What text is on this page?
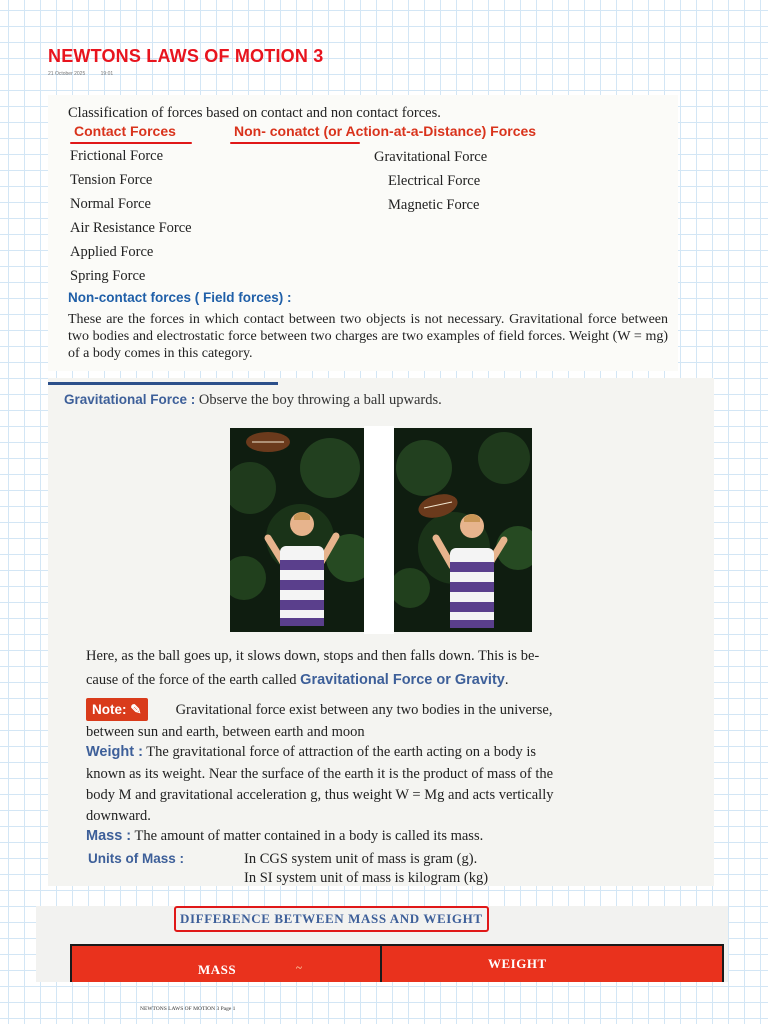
NEWTONS LAWS OF MOTION 3
21 October 2025	19:01
Classification of forces based on contact and non contact forces.
Contact Forces	Non- conatct (or Action-at-a-Distance) Forces
Frictional Force
Tension Force
Normal Force
Air Resistance Force
Applied Force
Spring Force
Gravitational Force
Electrical Force
Magnetic Force
Non-contact forces ( Field forces) :

These are the forces in which contact between two objects is not necessary. Gravitational force between two bodies and electrostatic force between two charges are two examples of field forces. Weight (W = mg) of a body comes in this category.

Gravitational Force : Observe the boy throwing a ball upwards.

Here, as the ball goes up, it slows down, stops and then falls down. This is be-

cause of the force of the earth called Gravitational Force or Gravity.

Note: ✎ Gravitational force exist between any two bodies in the universe,

between sun and earth, between earth and moon

Weight : The gravitational force of attraction of the earth acting on a body is

known as its weight. Near the surface of the earth it is the product of mass of the

body M and gravitational acceleration g, thus weight W = Mg and acts vertically

downward.

Mass : The amount of matter contained in a body is called its mass.

Units of Mass :	In CGS system unit of mass is gram (g).

In SI system unit of mass is kilogram (kg)

DIFFERENCE BETWEEN MASS AND WEIGHT
MASS	~	WEIGHT
NEWTONS LAWS OF MOTION 3 Page 1
